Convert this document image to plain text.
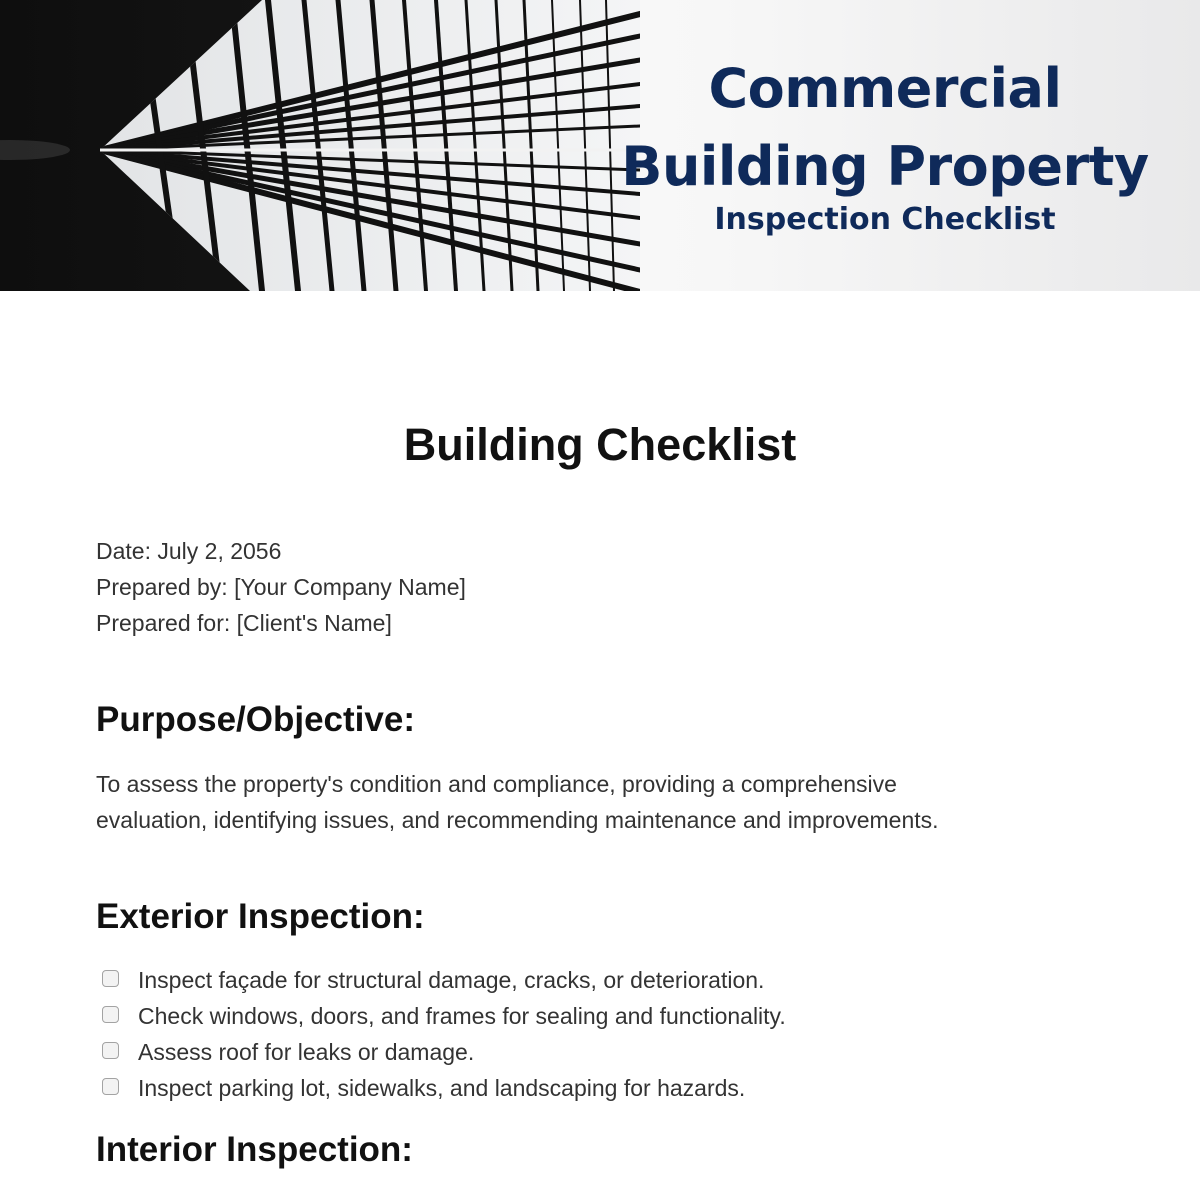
Commercial
Building Property
Inspection Checklist
Building Checklist
Date: July 2, 2056
Prepared by: [Your Company Name]
Prepared for: [Client's Name]
Purpose/Objective:

To assess the property's condition and compliance, providing a comprehensive
evaluation, identifying issues, and recommending maintenance and improvements.

Exterior Inspection:
Inspect façade for structural damage, cracks, or deterioration.
Check windows, doors, and frames for sealing and functionality.
Assess roof for leaks or damage.
Inspect parking lot, sidewalks, and landscaping for hazards.
Interior Inspection:
